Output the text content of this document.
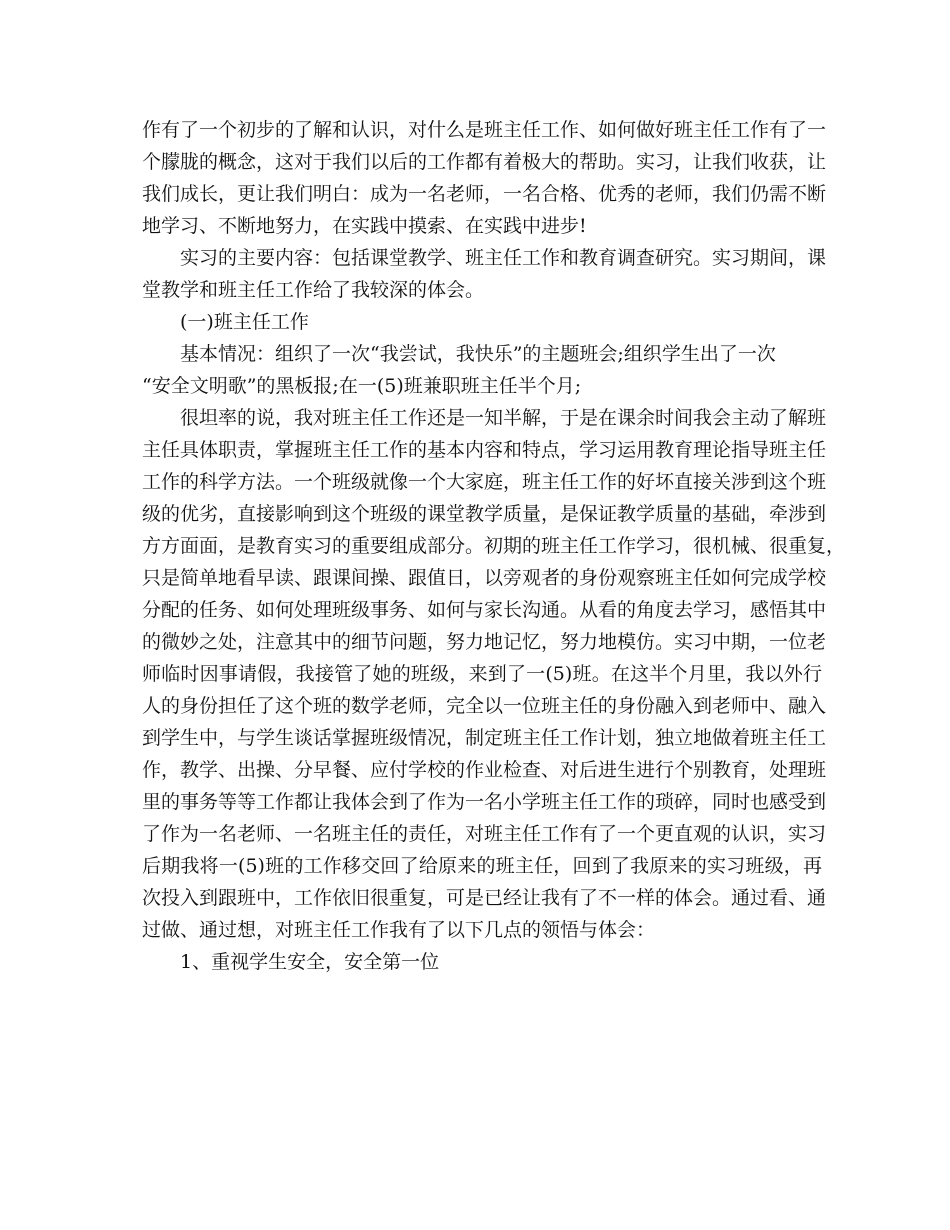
作有了一个初步的了解和认识，对什么是班主任工作、如何做好班主任工作有了一
个朦胧的概念，这对于我们以后的工作都有着极大的帮助。实习，让我们收获，让
我们成长，更让我们明白：成为一名老师，一名合格、优秀的老师，我们仍需不断
地学习、不断地努力，在实践中摸索、在实践中进步!
实习的主要内容：包括课堂教学、班主任工作和教育调查研究。实习期间，课
堂教学和班主任工作给了我较深的体会。
(一)班主任工作
基本情况：组织了一次“我尝试，我快乐”的主题班会;组织学生出了一次
“安全文明歌”的黑板报;在一(5)班兼职班主任半个月;
很坦率的说，我对班主任工作还是一知半解，于是在课余时间我会主动了解班
主任具体职责，掌握班主任工作的基本内容和特点，学习运用教育理论指导班主任
工作的科学方法。一个班级就像一个大家庭，班主任工作的好坏直接关涉到这个班
级的优劣，直接影响到这个班级的课堂教学质量，是保证教学质量的基础，牵涉到
方方面面，是教育实习的重要组成部分。初期的班主任工作学习，很机械、很重复，
只是简单地看早读、跟课间操、跟值日，以旁观者的身份观察班主任如何完成学校
分配的任务、如何处理班级事务、如何与家长沟通。从看的角度去学习，感悟其中
的微妙之处，注意其中的细节问题，努力地记忆，努力地模仿。实习中期，一位老
师临时因事请假，我接管了她的班级，来到了一(5)班。在这半个月里，我以外行
人的身份担任了这个班的数学老师，完全以一位班主任的身份融入到老师中、融入
到学生中，与学生谈话掌握班级情况，制定班主任工作计划，独立地做着班主任工
作，教学、出操、分早餐、应付学校的作业检查、对后进生进行个别教育，处理班
里的事务等等工作都让我体会到了作为一名小学班主任工作的琐碎，同时也感受到
了作为一名老师、一名班主任的责任，对班主任工作有了一个更直观的认识，实习
后期我将一(5)班的工作移交回了给原来的班主任，回到了我原来的实习班级，再
次投入到跟班中，工作依旧很重复，可是已经让我有了不一样的体会。通过看、通
过做、通过想，对班主任工作我有了以下几点的领悟与体会：
1、重视学生安全，安全第一位
